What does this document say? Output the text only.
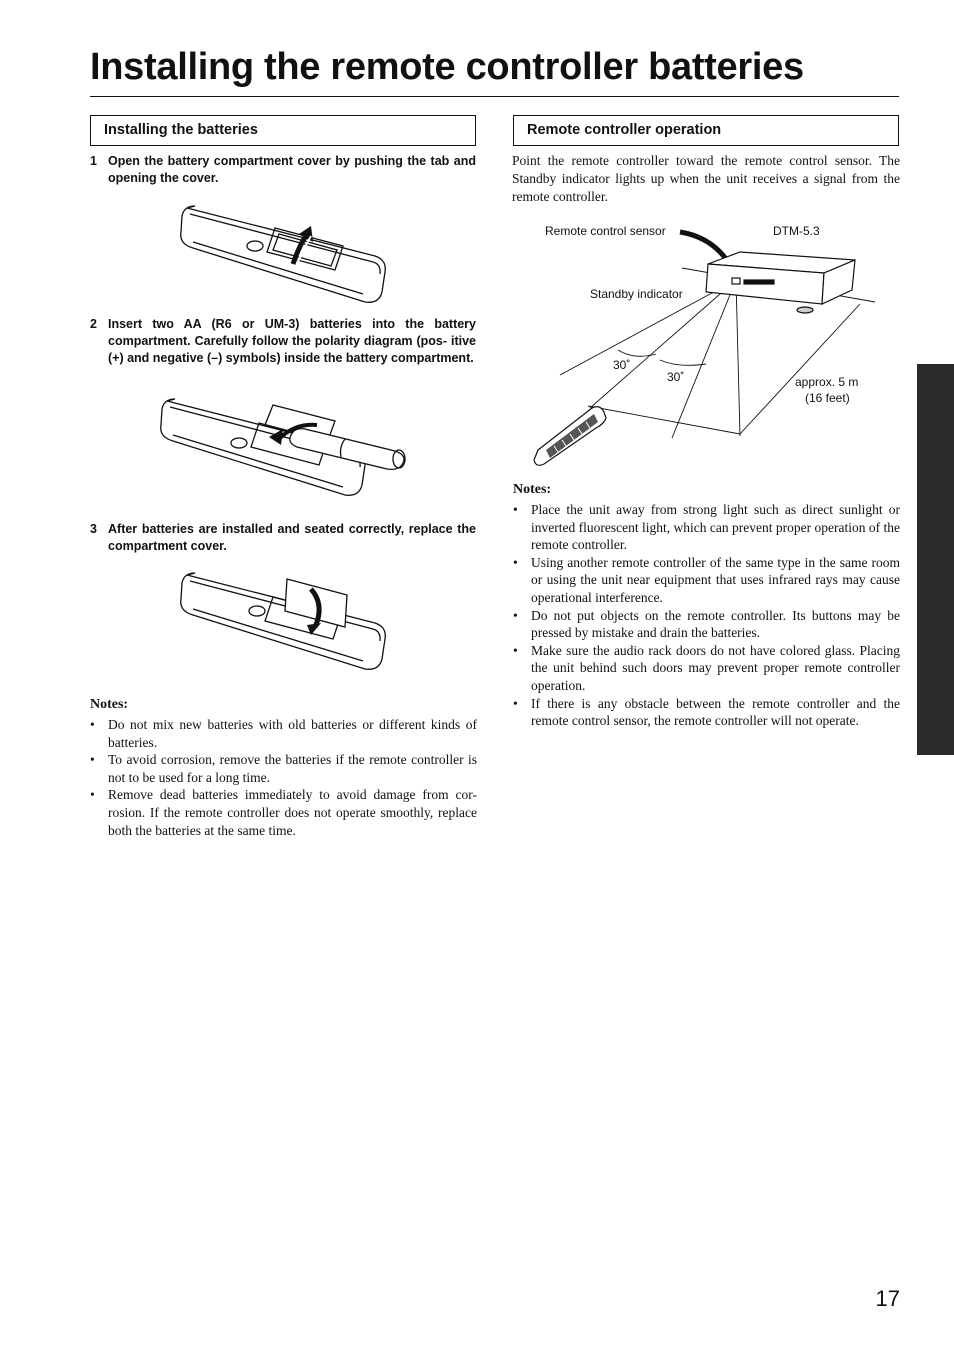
Installing the remote controller batteries
Installing the batteries
1 Open the battery compartment cover by pushing the tab and opening the cover.
2 Insert two AA (R6 or UM-3) batteries into the battery compartment. Carefully follow the polarity diagram (pos- itive (+) and negative (–) symbols) inside the battery compartment.
3 After batteries are installed and seated correctly, replace the compartment cover.
Notes:
• Do not mix new batteries with old batteries or different kinds of batteries.
• To avoid corrosion, remove the batteries if the remote controller is not to be used for a long time.
• Remove dead batteries immediately to avoid damage from cor- rosion. If the remote controller does not operate smoothly, replace both the batteries at the same time.
Remote controller operation

Point the remote controller toward the remote control sensor. The Standby indicator lights up when the unit receives a signal from the remote controller.

Remote control sensor	DTM-5.3
Standby indicator
30˚
30˚	approx. 5 m
(16 feet)
Notes:
• Place the unit away from strong light such as direct sunlight or inverted fluorescent light, which can prevent proper operation of the remote controller.
• Using another remote controller of the same type in the same room or using the unit near equipment that uses infrared rays may cause operational interference.
• Do not put objects on the remote controller. Its buttons may be pressed by mistake and drain the batteries.
• Make sure the audio rack doors do not have colored glass. Placing the unit behind such doors may prevent proper remote controller operation.
• If there is any obstacle between the remote controller and the remote control sensor, the remote controller will not operate.
17
